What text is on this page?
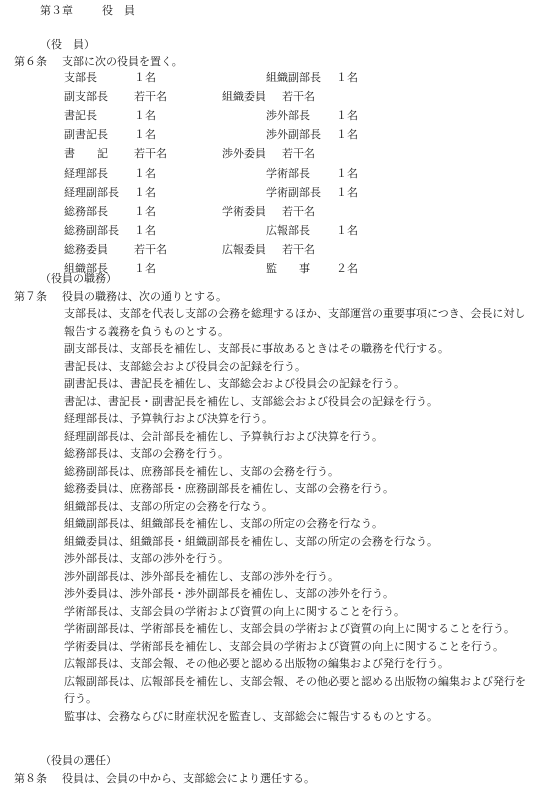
第３章	役　員
（役　員）
第６条 支部に次の役員を置く。
支部長	１名	組織副部長 １名
副支部長 若干名	組織委員 若干名
書記長	１名	渉外部長 １名
副書記長 １名	渉外副部長 １名
書　　記 若干名	渉外委員 若干名
経理部長 １名	学術部長 １名
経理副部長 １名	学術副部長 １名
総務部長 １名	学術委員 若干名
総務副部長 １名	広報部長 １名
総務委員 若干名	広報委員 若干名
組織部長 １名	監　　事 ２名
（役員の職務）
第７条 役員の職務は、次の通りとする。
支部長は、支部を代表し支部の会務を総理するほか、支部運営の重要事項につき、会長に対し報告する義務を負うものとする。
副支部長は、支部長を補佐し、支部長に事故あるときはその職務を代行する。
書記長は、支部総会および役員会の記録を行う。
副書記長は、書記長を補佐し、支部総会および役員会の記録を行う。
書記は、書記長・副書記長を補佐し、支部総会および役員会の記録を行う。
経理部長は、予算執行および決算を行う。
経理副部長は、会計部長を補佐し、予算執行および決算を行う。
総務部長は、支部の会務を行う。
総務副部長は、庶務部長を補佐し、支部の会務を行う。
総務委員は、庶務部長・庶務副部長を補佐し、支部の会務を行う。
組織部長は、支部の所定の会務を行なう。
組織副部長は、組織部長を補佐し、支部の所定の会務を行なう。
組織委員は、組織部長・組織副部長を補佐し、支部の所定の会務を行なう。
渉外部長は、支部の渉外を行う。
渉外副部長は、渉外部長を補佐し、支部の渉外を行う。
渉外委員は、渉外部長・渉外副部長を補佐し、支部の渉外を行う。
学術部長は、支部会員の学術および資質の向上に関することを行う。
学術副部長は、学術部長を補佐し、支部会員の学術および資質の向上に関することを行う。
学術委員は、学術部長を補佐し、支部会員の学術および資質の向上に関することを行う。
広報部長は、支部会報、その他必要と認める出版物の編集および発行を行う。
広報副部長は、広報部長を補佐し、支部会報、その他必要と認める出版物の編集および発行を行う。
監事は、会務ならびに財産状況を監査し、支部総会に報告するものとする。
（役員の選任）
第８条 役員は、会員の中から、支部総会により選任する。
